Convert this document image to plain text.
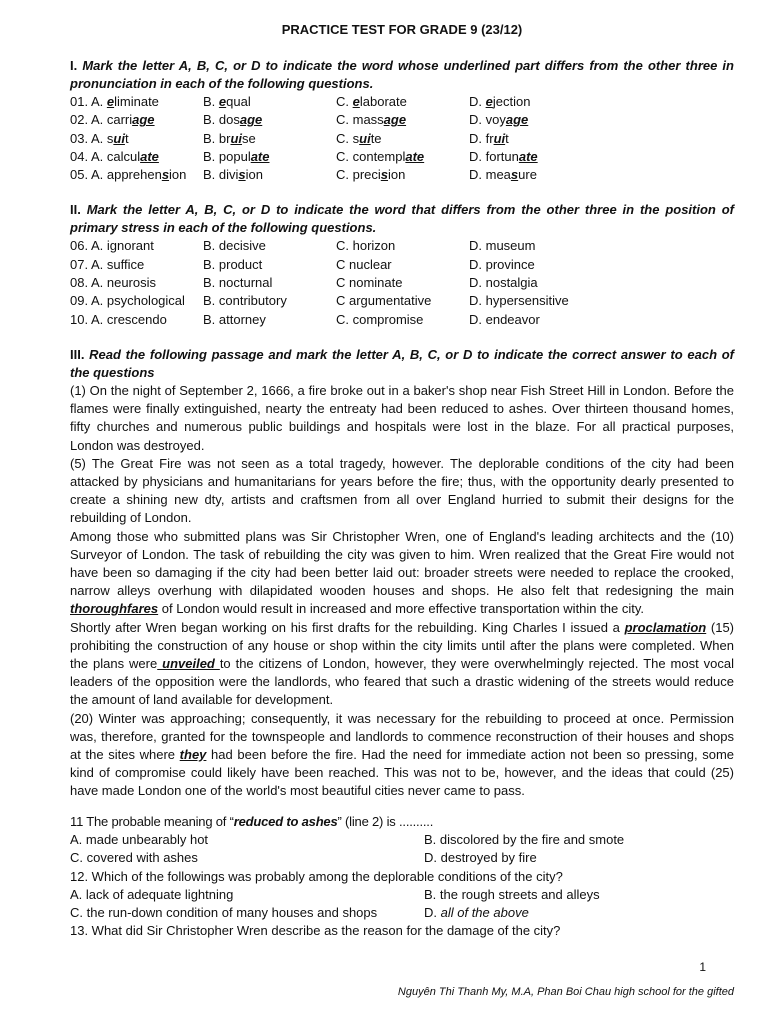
PRACTICE TEST FOR GRADE 9 (23/12)
I. Mark the letter A, B, C, or D to indicate the word whose underlined part differs from the other three in pronunciation in each of the following questions.
01. A. eliminate	B. equal	C. elaborate	D. ejection
02. A. carriage	B. dosage	C. massage	D. voyage
03. A. suit	B. bruise	C. suite	D. fruit
04. A. calculate	B. populate	C. contemplate	D. fortunate
05. A. apprehension	B. division	C. precision	D. measure
II. Mark the letter A, B, C, or D to indicate the word that differs from the other three in the position of primary stress in each of the following questions.
06. A. ignorant	B. decisive	C. horizon	D. museum
07. A. suffice	B. product	C nuclear	D. province
08. A. neurosis	B. nocturnal	C nominate	D. nostalgia
09. A. psychological	B. contributory	C argumentative	D. hypersensitive
10. A. crescendo	B. attorney	C. compromise	D. endeavor
III. Read the following passage and mark the letter A, B, C, or D to indicate the correct answer to each of the questions

(1) On the night of September 2, 1666, a fire broke out in a baker's shop near Fish Street Hill in London. Before the flames were finally extinguished, nearty the entreaty had been reduced to ashes. Over thirteen thousand homes, fifty churches and numerous public buildings and hospitals were lost in the blaze. For all practical purposes, London was destroyed.

(5) The Great Fire was not seen as a total tragedy, however. The deplorable conditions of the city had been attacked by physicians and humanitarians for years before the fire; thus, with the opportunity dearly presented to create a shining new dty, artists and craftsmen from all over England hurried to submit their designs for the rebuilding of London.

Among those who submitted plans was Sir Christopher Wren, one of England's leading architects and the (10) Surveyor of London. The task of rebuilding the city was given to him. Wren realized that the Great Fire would not have been so damaging if the city had been better laid out: broader streets were needed to replace the crooked, narrow alleys overhung with dilapidated wooden houses and shops. He also felt that redesigning the main thoroughfares of London would result in increased and more effective transportation within the city.

Shortly after Wren began working on his first drafts for the rebuilding. King Charles I issued a proclamation (15) prohibiting the construction of any house or shop within the city limits until after the plans were completed. When the plans were unveiled to the citizens of London, however, they were overwhelmingly rejected. The most vocal leaders of the opposition were the landlords, who feared that such a drastic widening of the streets would reduce the amount of land available for development.

(20) Winter was approaching; consequently, it was necessary for the rebuilding to proceed at once. Permission was, therefore, granted for the townspeople and landlords to commence reconstruction of their houses and shops at the sites where they had been before the fire. Had the need for immediate action not been so pressing, some kind of compromise could likely have been reached. This was not to be, however, and the ideas that could (25) have made London one of the world's most beautiful cities never came to pass.

11 The probable meaning of “reduced to ashes” (line 2) is ..........
A. made unbearably hot	B. discolored by the fire and smote
C. covered with ashes	D. destroyed by fire
12. Which of the followings was probably among the deplorable conditions of the city?
A. lack of adequate lightning	B. the rough streets and alleys
C. the run-down condition of many houses and shops	D. all of the above
13. What did Sir Christopher Wren describe as the reason for the damage of the city?
1
Nguyên Thi Thanh My, M.A, Phan Boi Chau high school for the gifted
